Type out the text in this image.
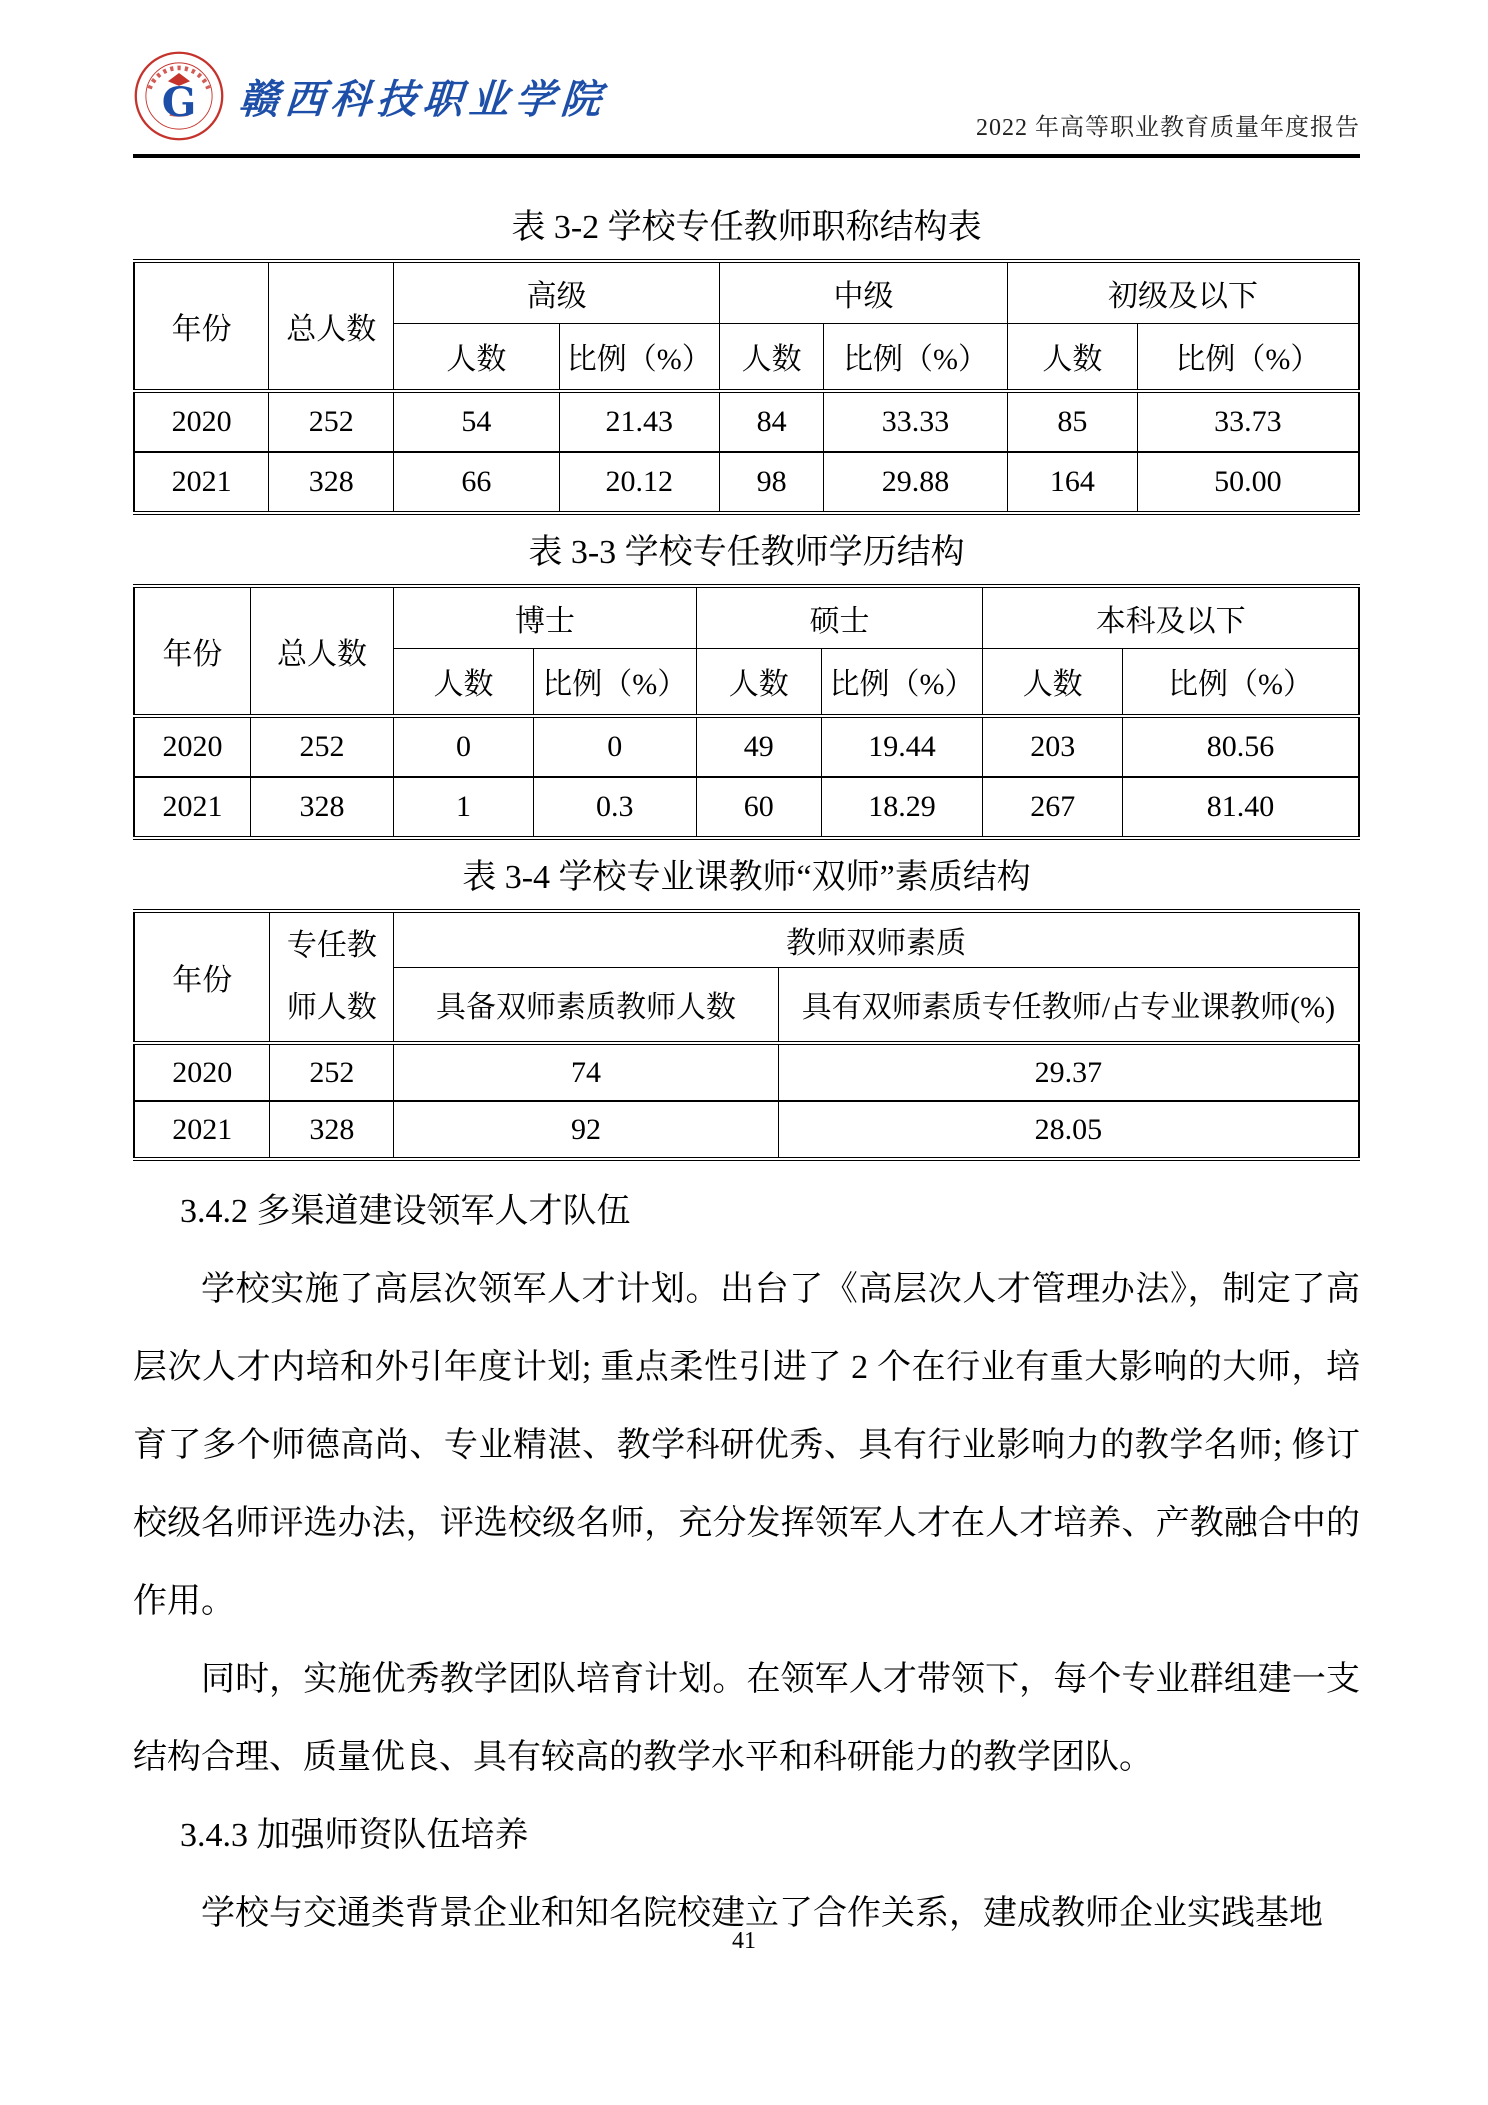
G 赣西科技职业学院
2022 年高等职业教育质量年度报告
表 3-2 学校专任教师职称结构表
年份	总人数	高级		中级		初级及以下	
		人数	比例（%）	人数	比例（%）	人数	比例（%）
2020	252	54	21.43	84	33.33	85	33.73
2021	328	66	20.12	98	29.88	164	50.00
表 3-3 学校专任教师学历结构
年份	总人数	博士		硕士		本科及以下	
		人数	比例（%）	人数	比例（%）	人数	比例（%）
2020	252	0	0	49	19.44	203	80.56
2021	328	1	0.3	60	18.29	267	81.40
表 3-4 学校专业课教师“双师”素质结构
年份	专任教师人数	教师双师素质	
		具备双师素质教师人数	具有双师素质专任教师/占专业课教师(%)
2020	252	74	29.37
2021	328	92	28.05
3.4.2 多渠道建设领军人才队伍

学校实施了高层次领军人才计划。出台了《高层次人才管理办法》，制定了高层次人才内培和外引年度计划; 重点柔性引进了 2 个在行业有重大影响的大师，培育了多个师德高尚、专业精湛、教学科研优秀、具有行业影响力的教学名师; 修订校级名师评选办法，评选校级名师，充分发挥领军人才在人才培养、产教融合中的作用。

同时，实施优秀教学团队培育计划。在领军人才带领下，每个专业群组建一支结构合理、质量优良、具有较高的教学水平和科研能力的教学团队。

3.4.3 加强师资队伍培养

学校与交通类背景企业和知名院校建立了合作关系，建成教师企业实践基地

41
